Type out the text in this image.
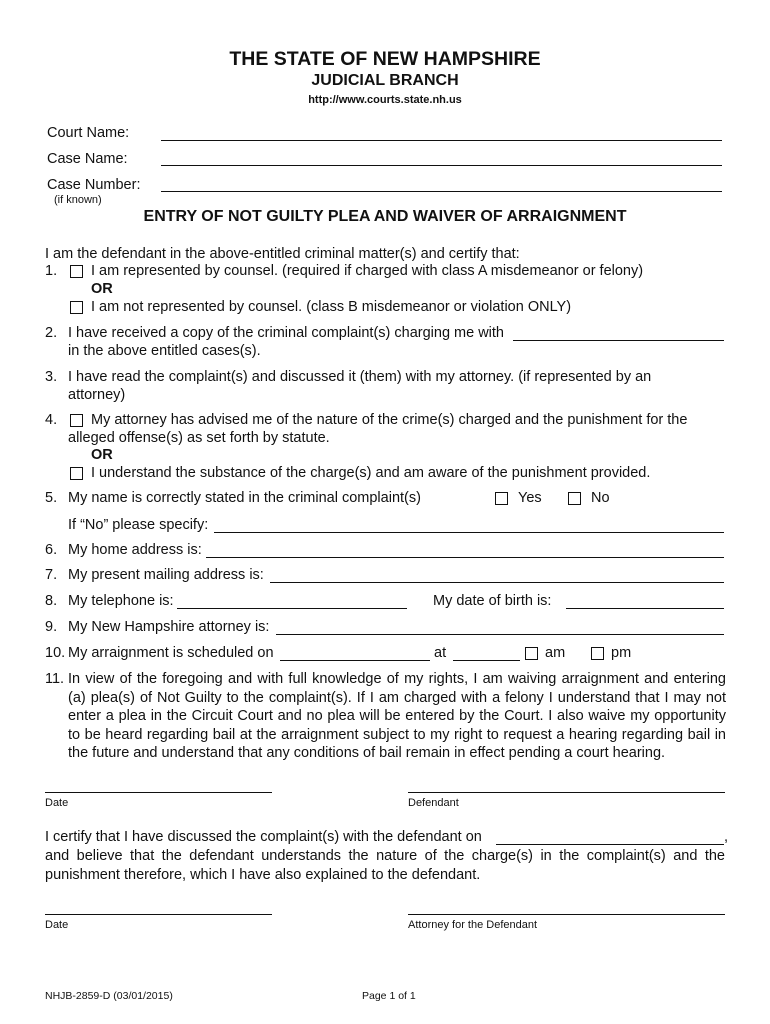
THE STATE OF NEW HAMPSHIRE
JUDICIAL BRANCH
http://www.courts.state.nh.us
Court Name:
Case Name:
Case Number:
(if known)
ENTRY OF NOT GUILTY PLEA AND WAIVER OF ARRAIGNMENT
I am the defendant in the above-entitled criminal matter(s) and certify that:
1. I am represented by counsel. (required if charged with class A misdemeanor or felony)
OR
I am not represented by counsel. (class B misdemeanor or violation ONLY)
2. I have received a copy of the criminal complaint(s) charging me with
in the above entitled cases(s).
3. I have read the complaint(s) and discussed it (them) with my attorney. (if represented by an
attorney)
4. My attorney has advised me of the nature of the crime(s) charged and the punishment for the
alleged offense(s) as set forth by statute.
OR
I understand the substance of the charge(s) and am aware of the punishment provided.
5. My name is correctly stated in the criminal complaint(s)	Yes	No
If “No” please specify:
6. My home address is:
7. My present mailing address is:
8. My telephone is:	My date of birth is:
9. My New Hampshire attorney is:
10. My arraignment is scheduled on	at	am	pm
11. In view of the foregoing and with full knowledge of my rights, I am waiving arraignment and entering (a) plea(s) of Not Guilty to the complaint(s). If I am charged with a felony I understand that I may not enter a plea in the Circuit Court and no plea will be entered by the Court. I also waive my opportunity to be heard regarding bail at the arraignment subject to my right to request a hearing regarding bail in the future and understand that any conditions of bail remain in effect pending a court hearing.
Date	Defendant
I certify that I have discussed the complaint(s) with the defendant on	,
and believe that the defendant understands the nature of the charge(s) in the complaint(s) and the punishment therefore, which I have also explained to the defendant.
Date	Attorney for the Defendant
NHJB-2859-D (03/01/2015)	Page 1 of 1
